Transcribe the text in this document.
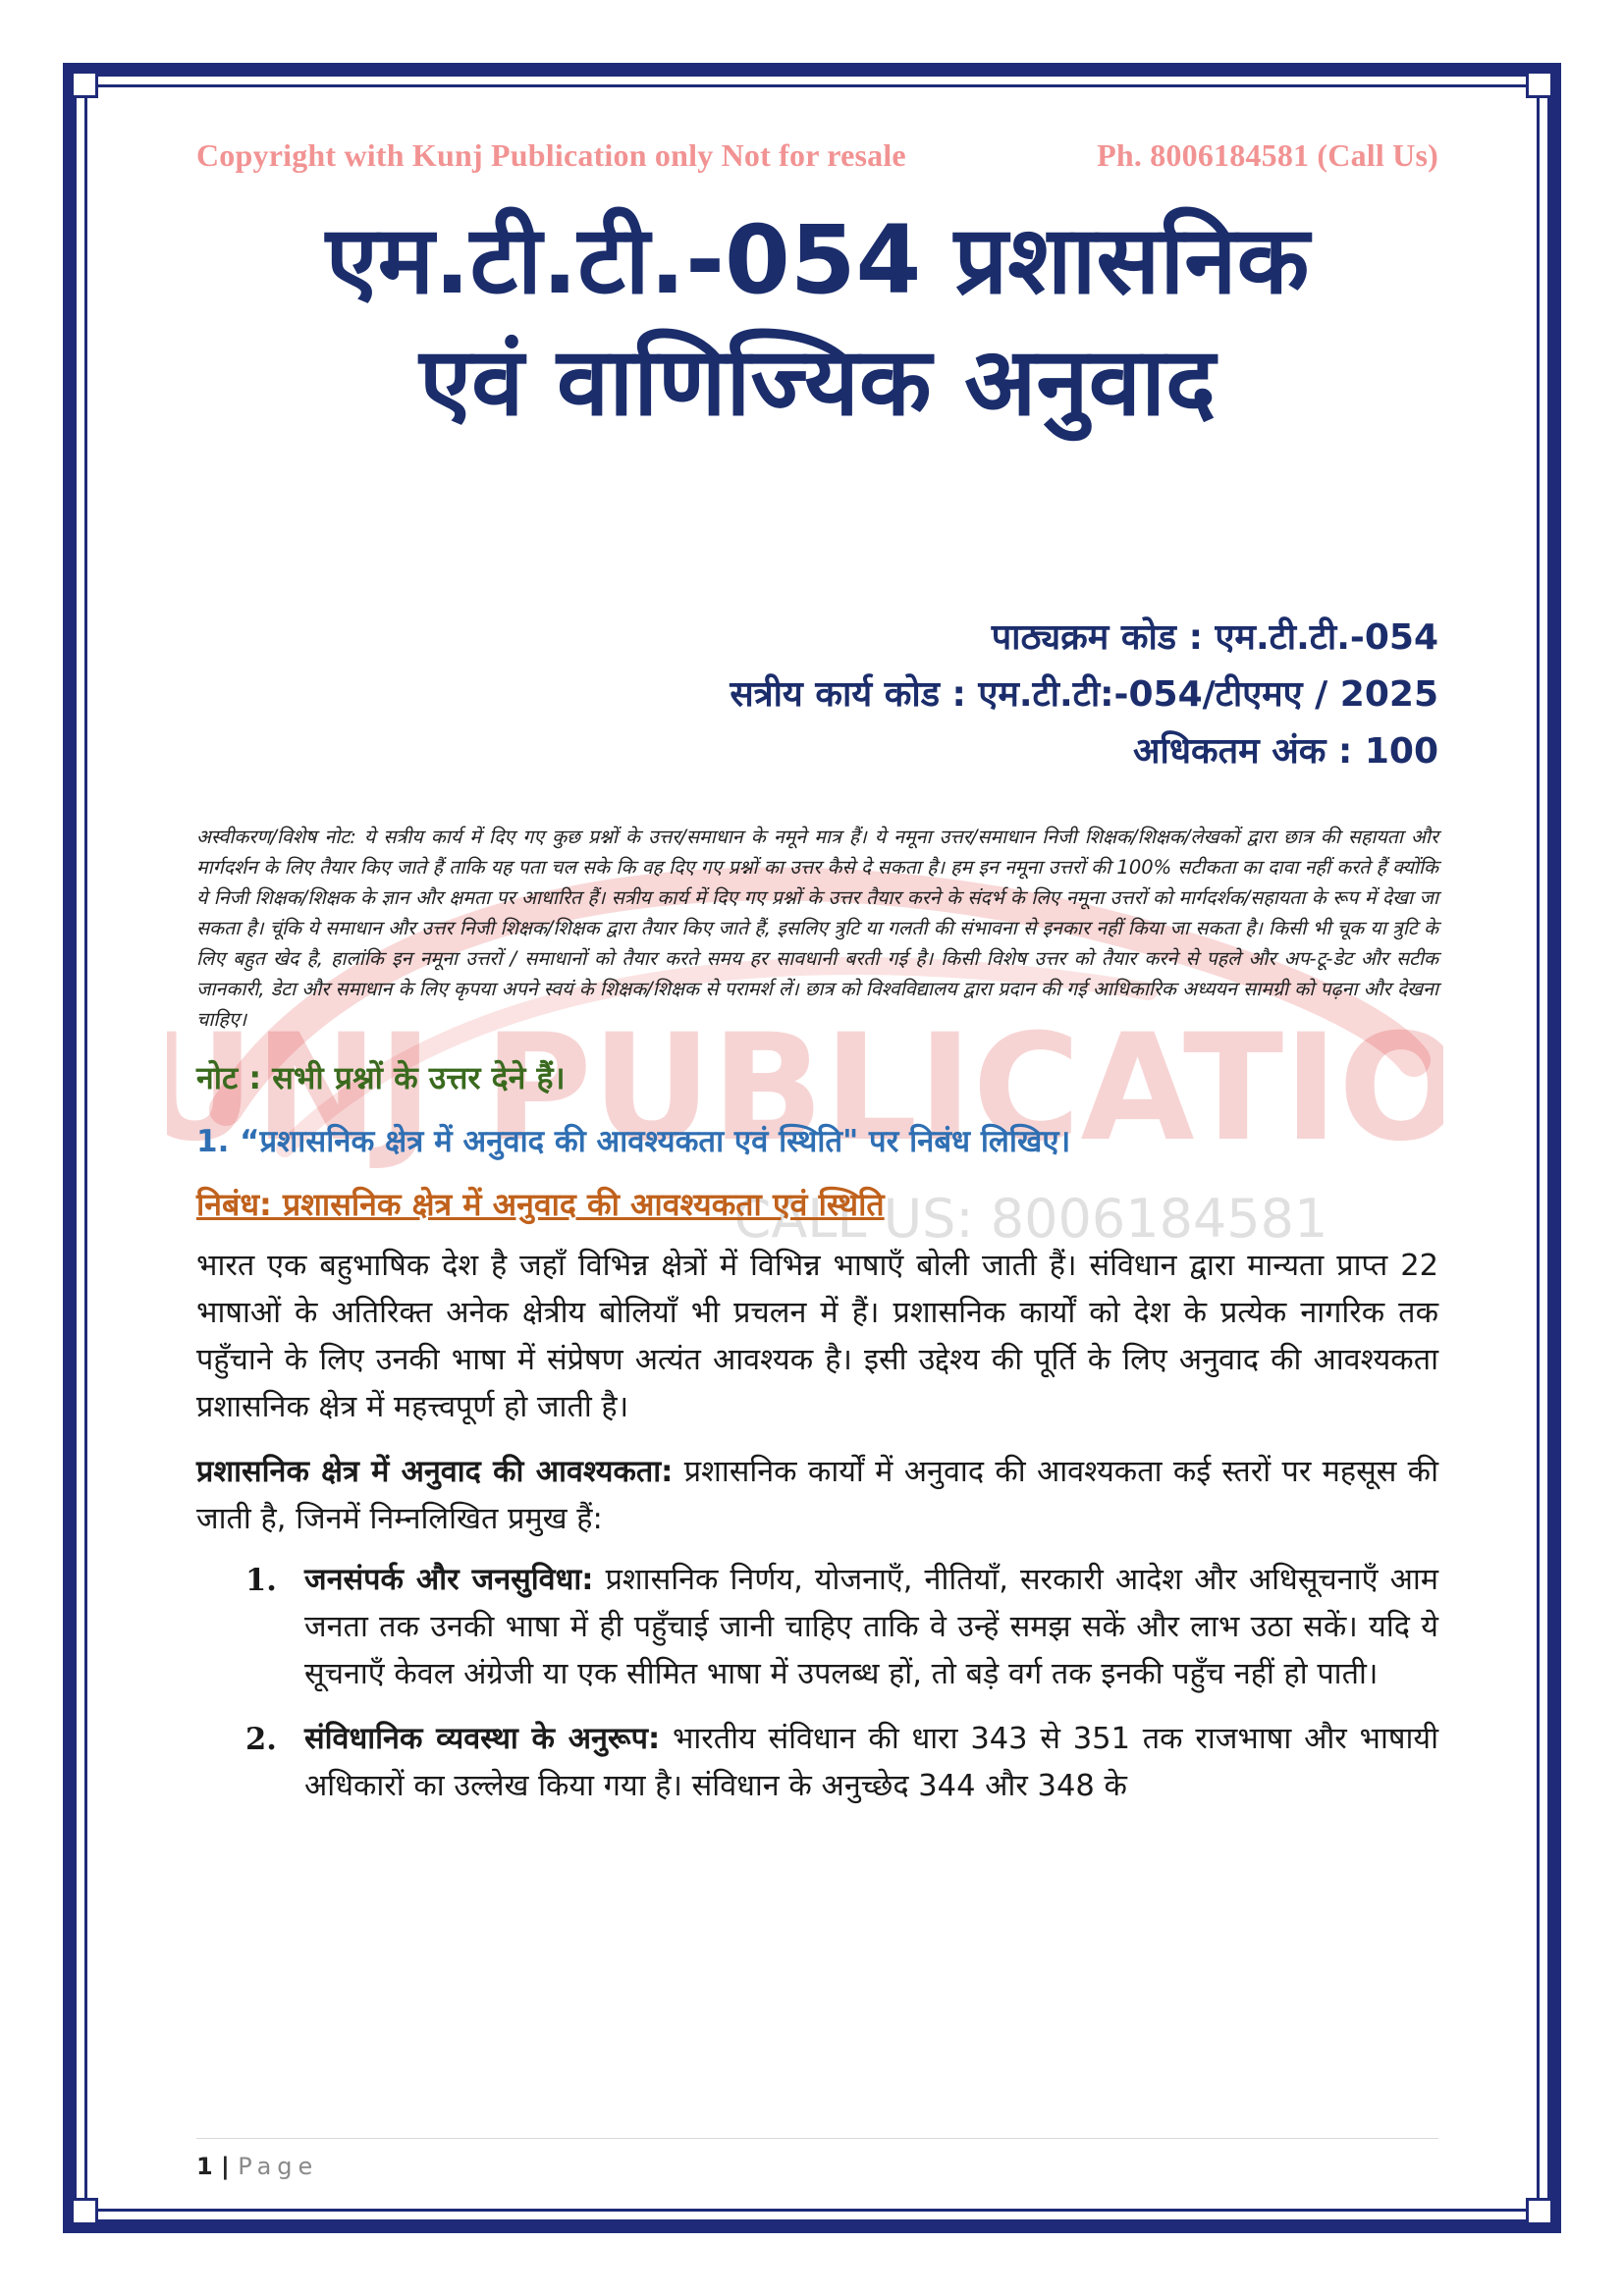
UNJ PUBLICATIO
CALL US: 8006184581
Copyright with Kunj Publication only Not for resale	Ph. 8006184581 (Call Us)
एम.टी.टी.-054 प्रशासनिक
एवं वाणिज्यिक अनुवाद
पाठ्यक्रम कोड : एम.टी.टी.-054
सत्रीय कार्य कोड : एम.टी.टी:-054/टीएमए / 2025
अधिकतम अंक : 100
अस्वीकरण/विशेष नोट: ये सत्रीय कार्य में दिए गए कुछ प्रश्नों के उत्तर/समाधान के नमूने मात्र हैं। ये नमूना उत्तर/समाधान निजी शिक्षक/शिक्षक/लेखकों द्वारा छात्र की सहायता और मार्गदर्शन के लिए तैयार किए जाते हैं ताकि यह पता चल सके कि वह दिए गए प्रश्नों का उत्तर कैसे दे सकता है। हम इन नमूना उत्तरों की 100% सटीकता का दावा नहीं करते हैं क्योंकि ये निजी शिक्षक/शिक्षक के ज्ञान और क्षमता पर आधारित हैं। सत्रीय कार्य में दिए गए प्रश्नों के उत्तर तैयार करने के संदर्भ के लिए नमूना उत्तरों को मार्गदर्शक/सहायता के रूप में देखा जा सकता है। चूंकि ये समाधान और उत्तर निजी शिक्षक/शिक्षक द्वारा तैयार किए जाते हैं, इसलिए त्रुटि या गलती की संभावना से इनकार नहीं किया जा सकता है। किसी भी चूक या त्रुटि के लिए बहुत खेद है, हालांकि इन नमूना उत्तरों / समाधानों को तैयार करते समय हर सावधानी बरती गई है। किसी विशेष उत्तर को तैयार करने से पहले और अप-टू-डेट और सटीक जानकारी, डेटा और समाधान के लिए कृपया अपने स्वयं के शिक्षक/शिक्षक से परामर्श लें। छात्र को विश्वविद्यालय द्वारा प्रदान की गई आधिकारिक अध्ययन सामग्री को पढ़ना और देखना चाहिए।
नोट : सभी प्रश्नों के उत्तर देने हैं।
1. “प्रशासनिक क्षेत्र में अनुवाद की आवश्यकता एवं स्थिति" पर निबंध लिखिए।
निबंध: प्रशासनिक क्षेत्र में अनुवाद की आवश्यकता एवं स्थिति
भारत एक बहुभाषिक देश है जहाँ विभिन्न क्षेत्रों में विभिन्न भाषाएँ बोली जाती हैं। संविधान द्वारा मान्यता प्राप्त 22 भाषाओं के अतिरिक्त अनेक क्षेत्रीय बोलियाँ भी प्रचलन में हैं। प्रशासनिक कार्यों को देश के प्रत्येक नागरिक तक पहुँचाने के लिए उनकी भाषा में संप्रेषण अत्यंत आवश्यक है। इसी उद्देश्य की पूर्ति के लिए अनुवाद की आवश्यकता प्रशासनिक क्षेत्र में महत्त्वपूर्ण हो जाती है।
प्रशासनिक क्षेत्र में अनुवाद की आवश्यकता: प्रशासनिक कार्यों में अनुवाद की आवश्यकता कई स्तरों पर महसूस की जाती है, जिनमें निम्नलिखित प्रमुख हैं:
1. जनसंपर्क और जनसुविधा: प्रशासनिक निर्णय, योजनाएँ, नीतियाँ, सरकारी आदेश और अधिसूचनाएँ आम जनता तक उनकी भाषा में ही पहुँचाई जानी चाहिए ताकि वे उन्हें समझ सकें और लाभ उठा सकें। यदि ये सूचनाएँ केवल अंग्रेजी या एक सीमित भाषा में उपलब्ध हों, तो बड़े वर्ग तक इनकी पहुँच नहीं हो पाती।
2. संविधानिक व्यवस्था के अनुरूप: भारतीय संविधान की धारा 343 से 351 तक राजभाषा और भाषायी अधिकारों का उल्लेख किया गया है। संविधान के अनुच्छेद 344 और 348 के
1 | Page
